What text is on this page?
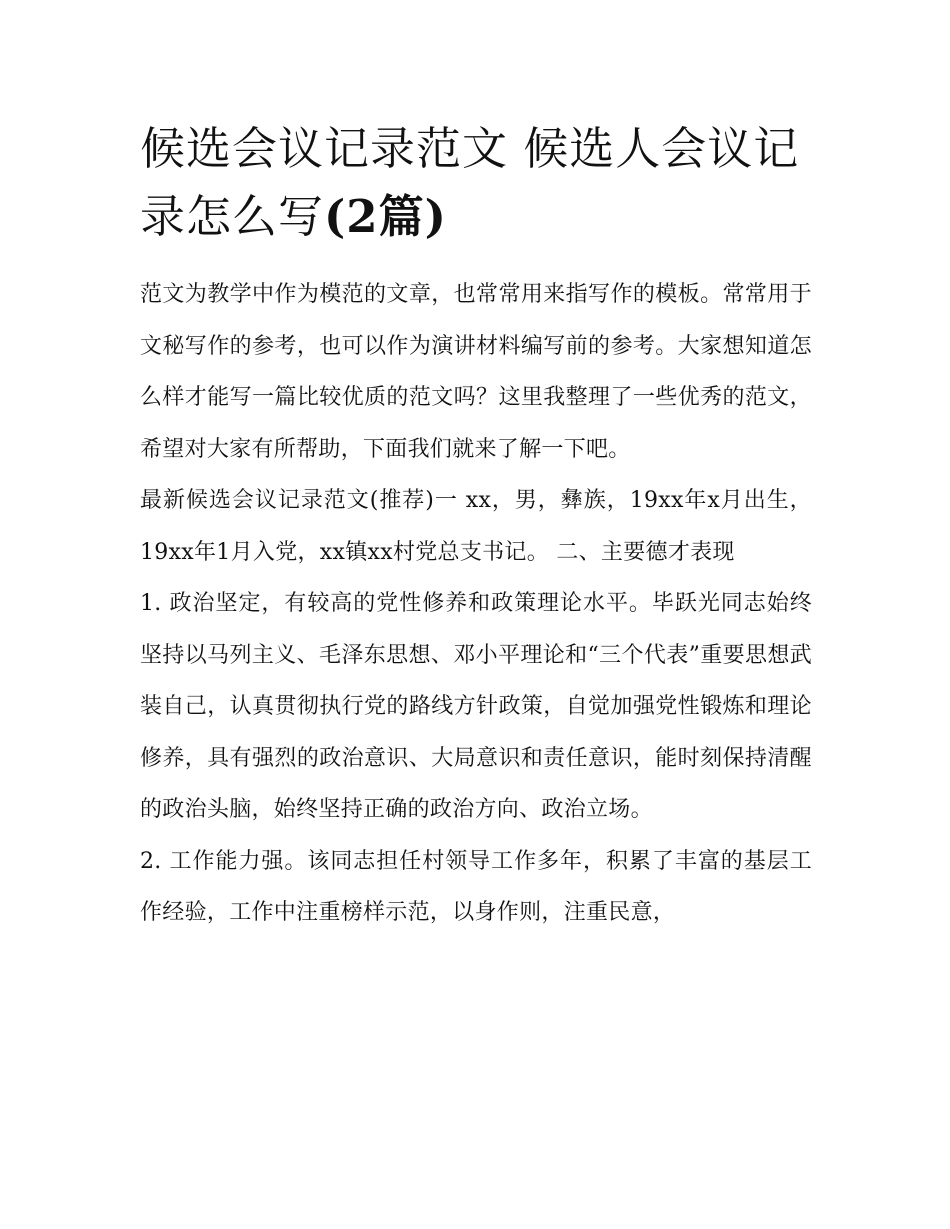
候选会议记录范文 候选人会议记录怎么写(2篇)

范文为教学中作为模范的文章，也常常用来指写作的模板。常常用于文秘写作的参考，也可以作为演讲材料编写前的参考。大家想知道怎么样才能写一篇比较优质的范文吗？这里我整理了一些优秀的范文，希望对大家有所帮助，下面我们就来了解一下吧。

最新候选会议记录范文(推荐)一 xx，男，彝族，19xx年x月出生，19xx年1月入党，xx镇xx村党总支书记。 二、主要德才表现

1. 政治坚定，有较高的党性修养和政策理论水平。毕跃光同志始终坚持以马列主义、毛泽东思想、邓小平理论和“三个代表”重要思想武装自己，认真贯彻执行党的路线方针政策，自觉加强党性锻炼和理论修养，具有强烈的政治意识、大局意识和责任意识，能时刻保持清醒的政治头脑，始终坚持正确的政治方向、政治立场。

2. 工作能力强。该同志担任村领导工作多年，积累了丰富的基层工作经验，工作中注重榜样示范，以身作则，注重民意，
